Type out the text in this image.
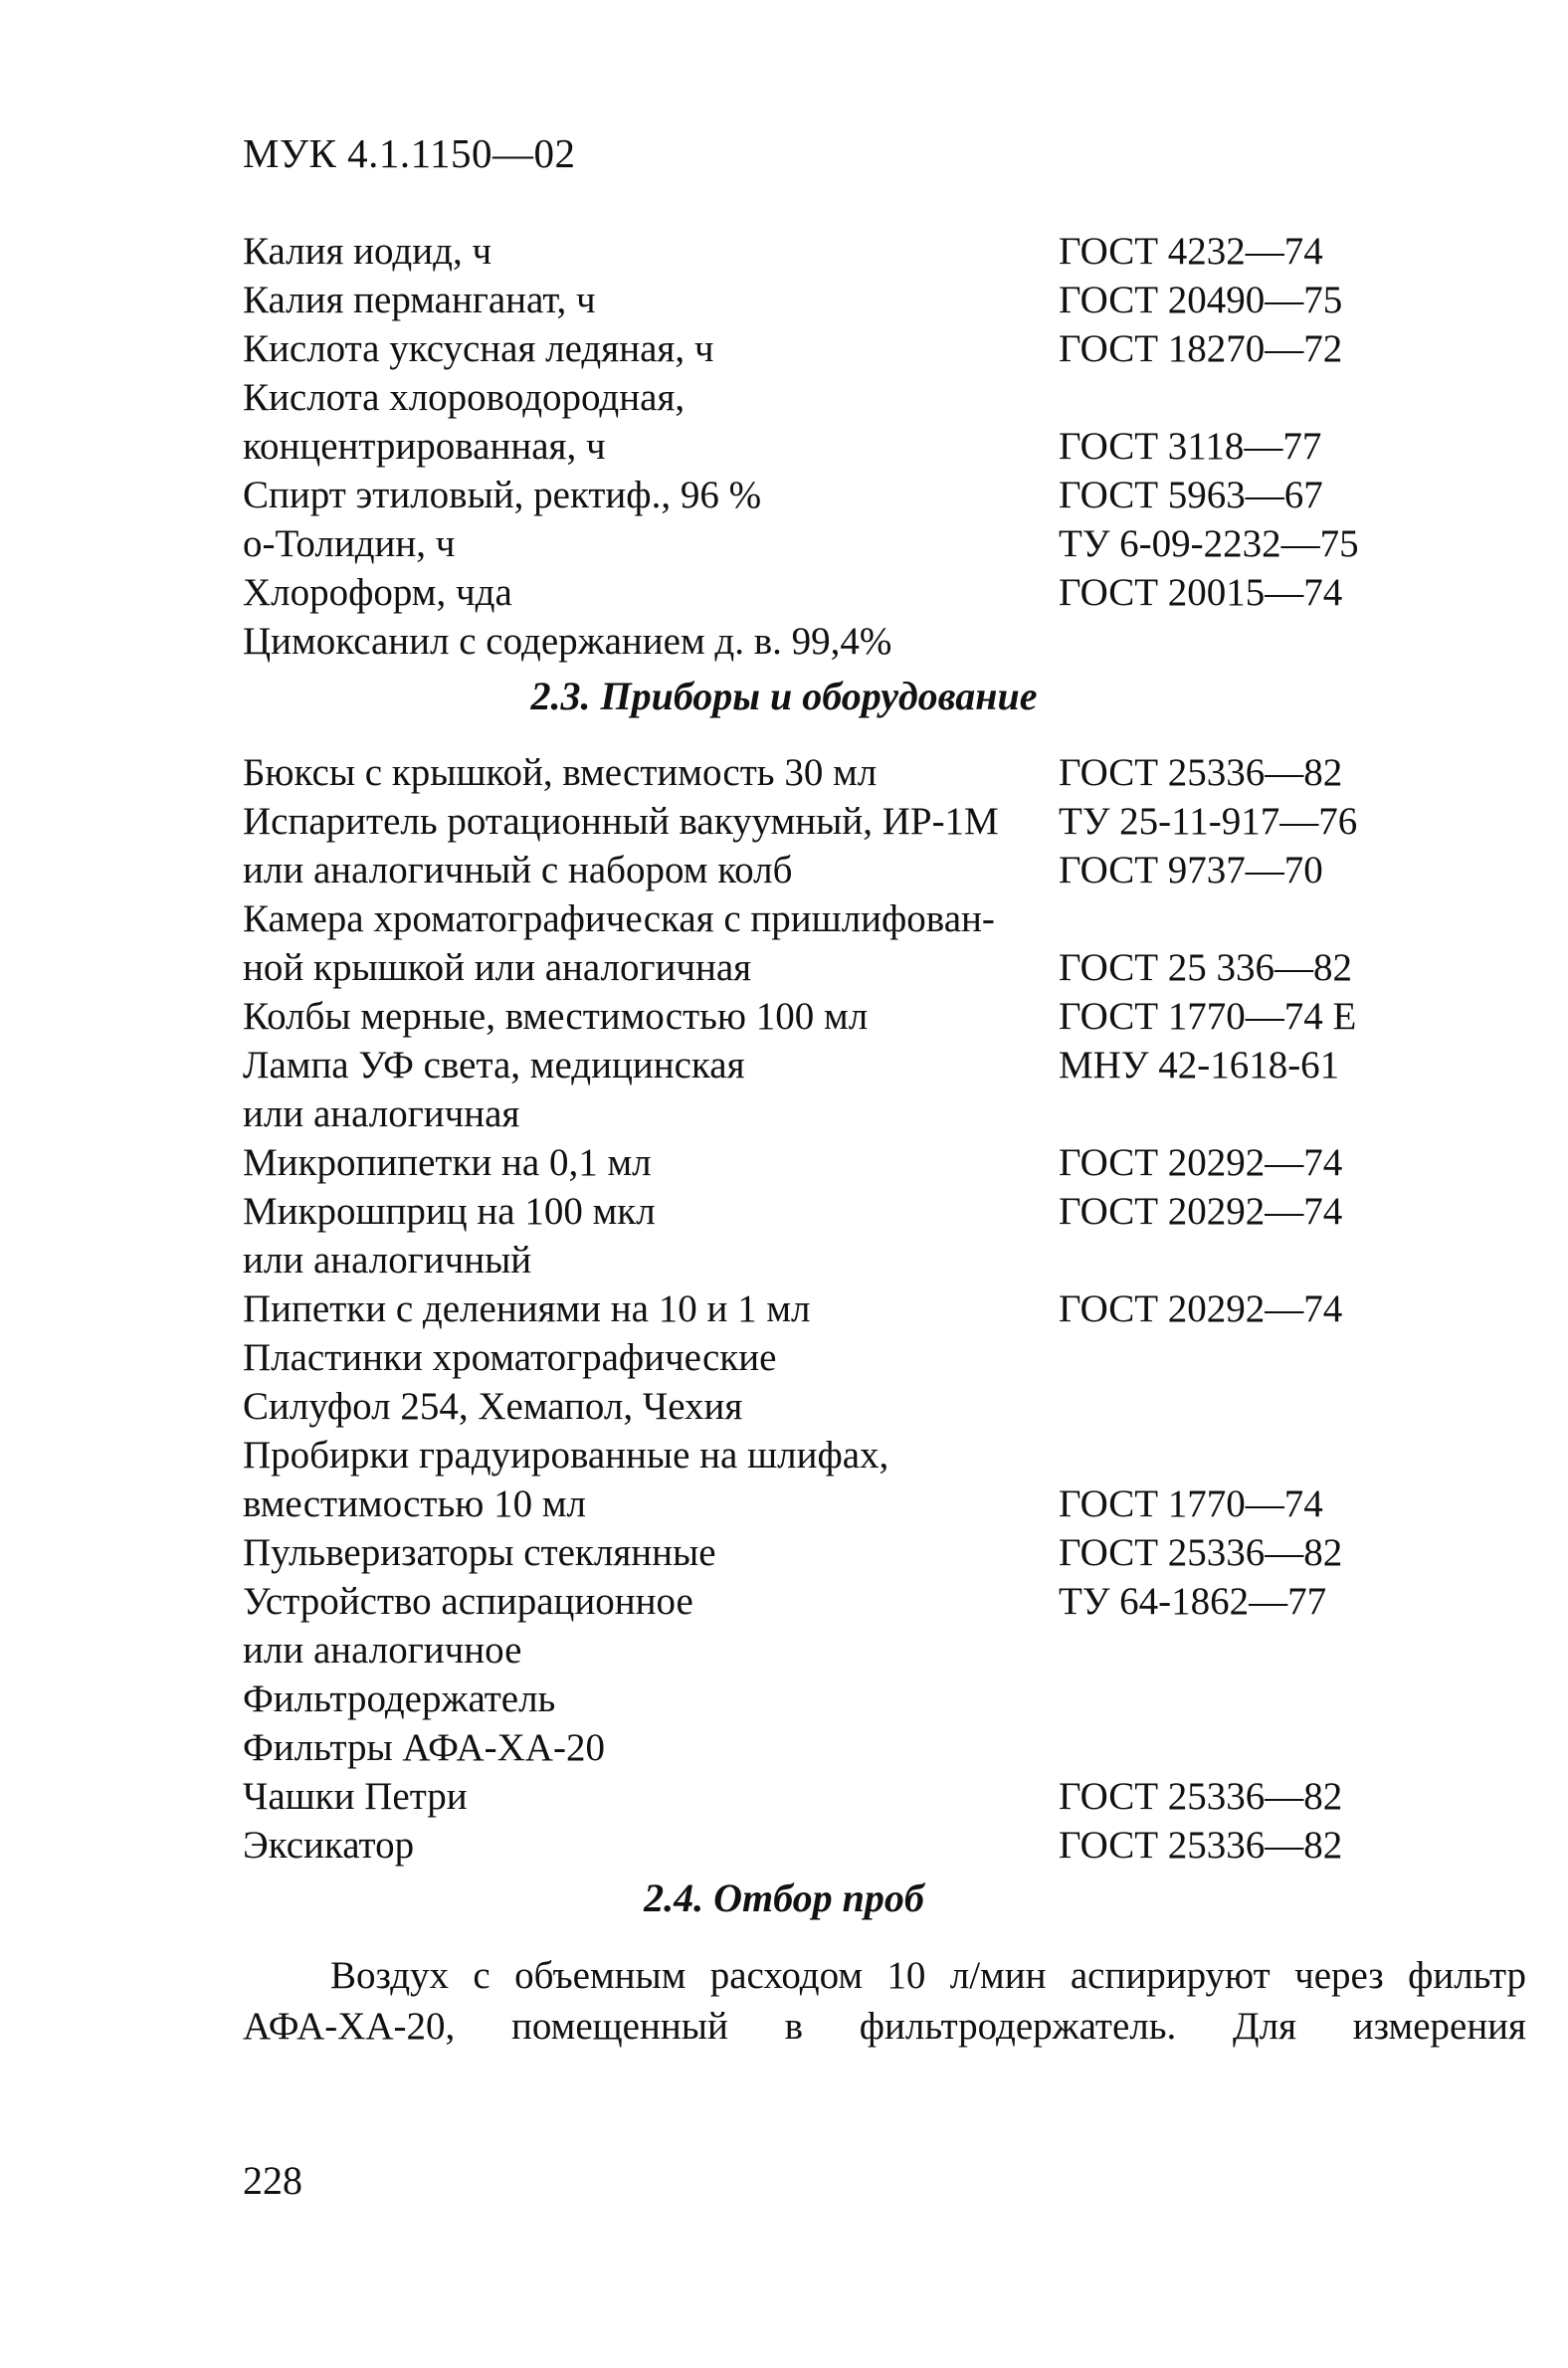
МУК 4.1.1150—02
Калия иодид, ч	ГОСТ 4232—74
Калия перманганат, ч	ГОСТ 20490—75
Кислота уксусная ледяная, ч	ГОСТ 18270—72
Кислота хлороводородная,
концентрированная, ч	ГОСТ 3118—77
Спирт этиловый, ректиф., 96 %	ГОСТ 5963—67
о-Толидин, ч	ТУ 6-09-2232—75
Хлороформ, чда	ГОСТ 20015—74
Цимоксанил с содержанием д. в. 99,4%
2.3. Приборы и оборудование
Бюксы с крышкой, вместимость 30 мл	ГОСТ 25336—82
Испаритель ротационный вакуумный, ИР-1М ТУ 25-11-917—76
или аналогичный с набором колб	ГОСТ 9737—70
Камера хроматографическая с пришлифован-
ной крышкой или аналогичная	ГОСТ 25 336—82
Колбы мерные, вместимостью 100 мл	ГОСТ 1770—74 Е
Лампа УФ света, медицинская	МНУ 42-1618-61
или аналогичная
Микропипетки на 0,1 мл	ГОСТ 20292—74
Микрошприц на 100 мкл	ГОСТ 20292—74
или аналогичный
Пипетки с делениями на 10 и 1 мл	ГОСТ 20292—74
Пластинки хроматографические
Силуфол 254, Хемапол, Чехия
Пробирки градуированные на шлифах,
вместимостью 10 мл	ГОСТ 1770—74
Пульверизаторы стеклянные	ГОСТ 25336—82
Устройство аспирационное	ТУ 64-1862—77
или аналогичное
Фильтродержатель
Фильтры АФА-ХА-20
Чашки Петри	ГОСТ 25336—82
Эксикатор	ГОСТ 25336—82
2.4. Отбор проб
Воздух с объемным расходом 10 л/мин аспирируют через фильтр
АФА-ХА-20, помещенный в фильтродержатель. Для измерения
228
